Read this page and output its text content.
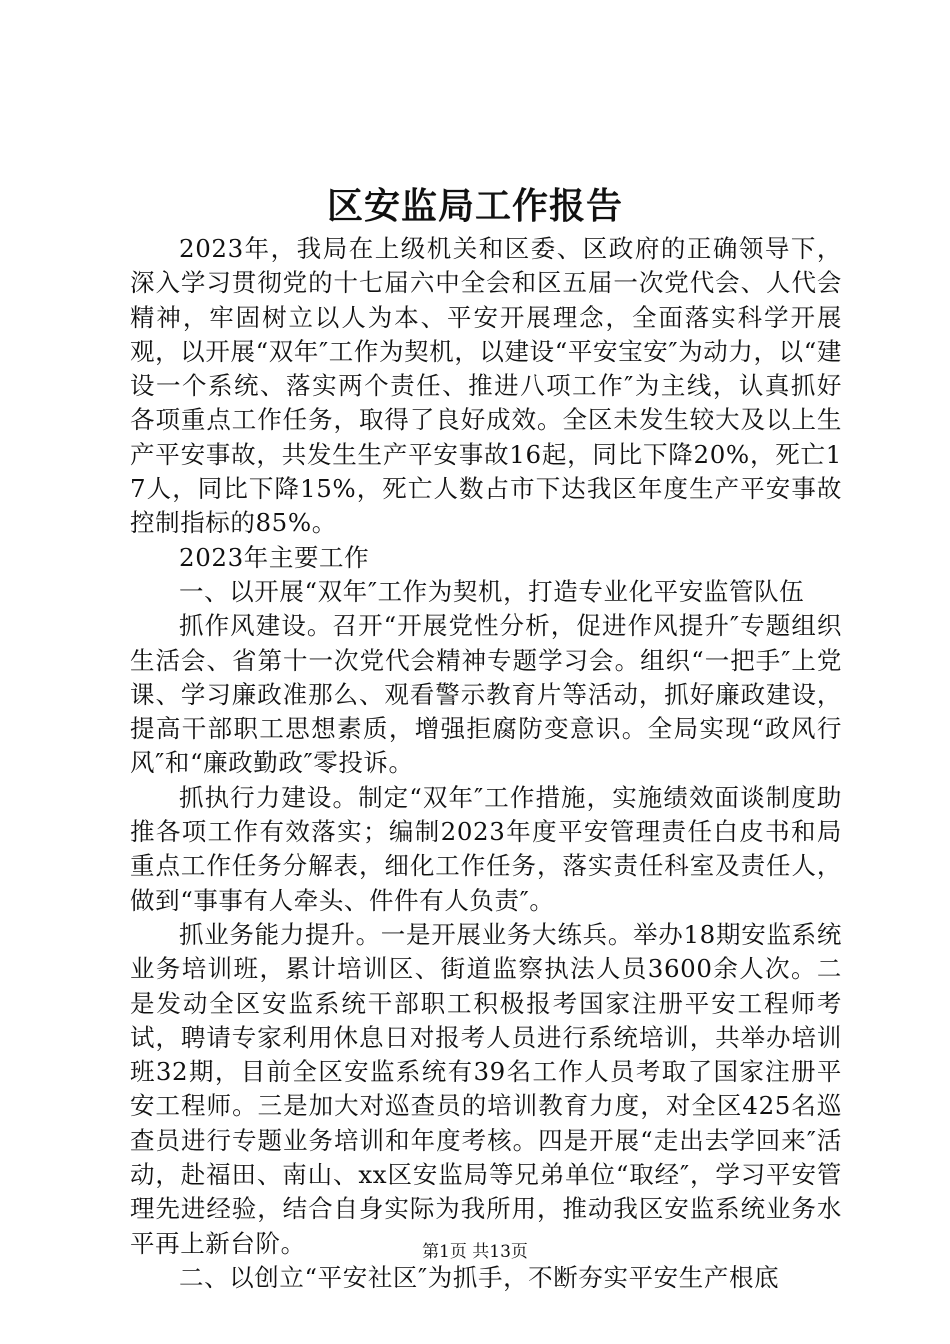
区安监局工作报告

2023年，我局在上级机关和区委、区政府的正确领导下，深入学习贯彻党的十七届六中全会和区五届一次党代会、人代会精神，牢固树立以人为本、平安开展理念，全面落实科学开展观，以开展“双年″工作为契机，以建设“平安宝安″为动力，以“建设一个系统、落实两个责任、推进八项工作″为主线，认真抓好各项重点工作任务，取得了良好成效。全区未发生较大及以上生产平安事故，共发生生产平安事故16起，同比下降20%，死亡17人，同比下降15%，死亡人数占市下达我区年度生产平安事故控制指标的85%。

2023年主要工作

一、以开展“双年″工作为契机，打造专业化平安监管队伍

抓作风建设。召开“开展党性分析，促进作风提升″专题组织生活会、省第十一次党代会精神专题学习会。组织“一把手″上党课、学习廉政准那么、观看警示教育片等活动，抓好廉政建设，提高干部职工思想素质，增强拒腐防变意识。全局实现“政风行风″和“廉政勤政″零投诉。

抓执行力建设。制定“双年″工作措施，实施绩效面谈制度助推各项工作有效落实；编制2023年度平安管理责任白皮书和局重点工作任务分解表，细化工作任务，落实责任科室及责任人，做到“事事有人牵头、件件有人负责″。

抓业务能力提升。一是开展业务大练兵。举办18期安监系统业务培训班，累计培训区、街道监察执法人员3600余人次。二是发动全区安监系统干部职工积极报考国家注册平安工程师考试，聘请专家利用休息日对报考人员进行系统培训，共举办培训班32期，目前全区安监系统有39名工作人员考取了国家注册平安工程师。三是加大对巡查员的培训教育力度，对全区425名巡查员进行专题业务培训和年度考核。四是开展“走出去学回来″活动，赴福田、南山、xx区安监局等兄弟单位“取经″，学习平安管理先进经验，结合自身实际为我所用，推动我区安监系统业务水平再上新台阶。

二、以创立“平安社区″为抓手，不断夯实平安生产根底

第1页 共13页
